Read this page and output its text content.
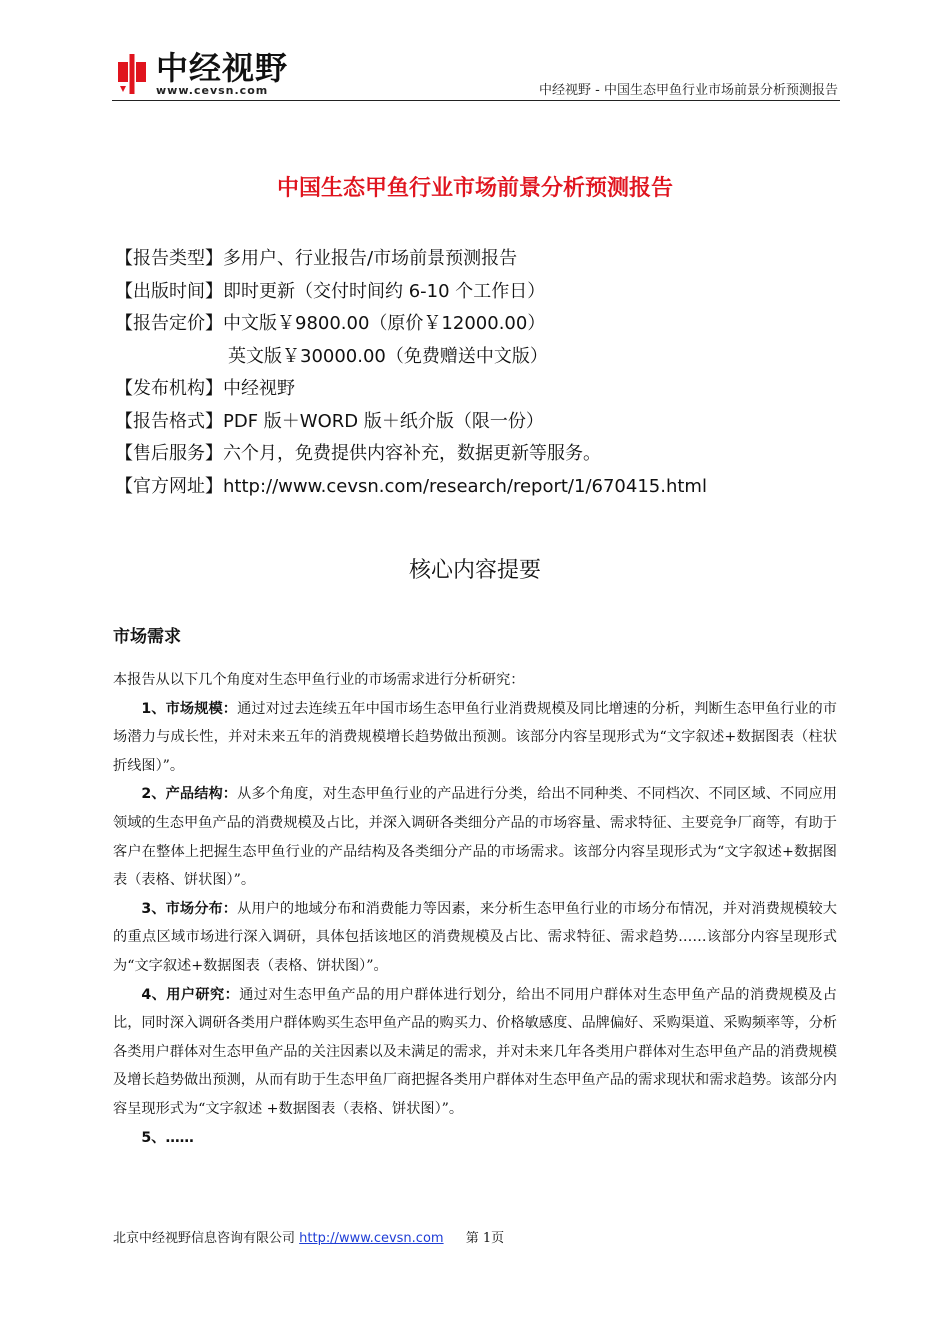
中经视野
www.cevsn.com	中经视野 - 中国生态甲鱼行业市场前景分析预测报告
中国生态甲鱼行业市场前景分析预测报告
【报告类型】多用户、行业报告/市场前景预测报告
【出版时间】即时更新（交付时间约 6-10 个工作日）
【报告定价】中文版￥9800.00（原价￥12000.00）
英文版￥30000.00（免费赠送中文版）
【发布机构】中经视野
【报告格式】PDF 版＋WORD 版＋纸介版（限一份）
【售后服务】六个月，免费提供内容补充，数据更新等服务。
【官方网址】http://www.cevsn.com/research/report/1/670415.html
核心内容提要
市场需求

本报告从以下几个角度对生态甲鱼行业的市场需求进行分析研究：

1、市场规模：通过对过去连续五年中国市场生态甲鱼行业消费规模及同比增速的分析，判断生态甲鱼行业的市场潜力与成长性，并对未来五年的消费规模增长趋势做出预测。该部分内容呈现形式为“文字叙述+数据图表（柱状折线图）”。

2、产品结构：从多个角度，对生态甲鱼行业的产品进行分类，给出不同种类、不同档次、不同区域、不同应用领域的生态甲鱼产品的消费规模及占比，并深入调研各类细分产品的市场容量、需求特征、主要竞争厂商等，有助于客户在整体上把握生态甲鱼行业的产品结构及各类细分产品的市场需求。该部分内容呈现形式为“文字叙述+数据图表（表格、饼状图）”。

3、市场分布：从用户的地域分布和消费能力等因素，来分析生态甲鱼行业的市场分布情况，并对消费规模较大的重点区域市场进行深入调研，具体包括该地区的消费规模及占比、需求特征、需求趋势……该部分内容呈现形式为“文字叙述+数据图表（表格、饼状图）”。

4、用户研究：通过对生态甲鱼产品的用户群体进行划分，给出不同用户群体对生态甲鱼产品的消费规模及占比，同时深入调研各类用户群体购买生态甲鱼产品的购买力、价格敏感度、品牌偏好、采购渠道、采购频率等，分析各类用户群体对生态甲鱼产品的关注因素以及未满足的需求，并对未来几年各类用户群体对生态甲鱼产品的消费规模及增长趋势做出预测，从而有助于生态甲鱼厂商把握各类用户群体对生态甲鱼产品的需求现状和需求趋势。该部分内容呈现形式为“文字叙述 +数据图表（表格、饼状图）”。

5、……

北京中经视野信息咨询有限公司 http://www.cevsn.com 第 1页
